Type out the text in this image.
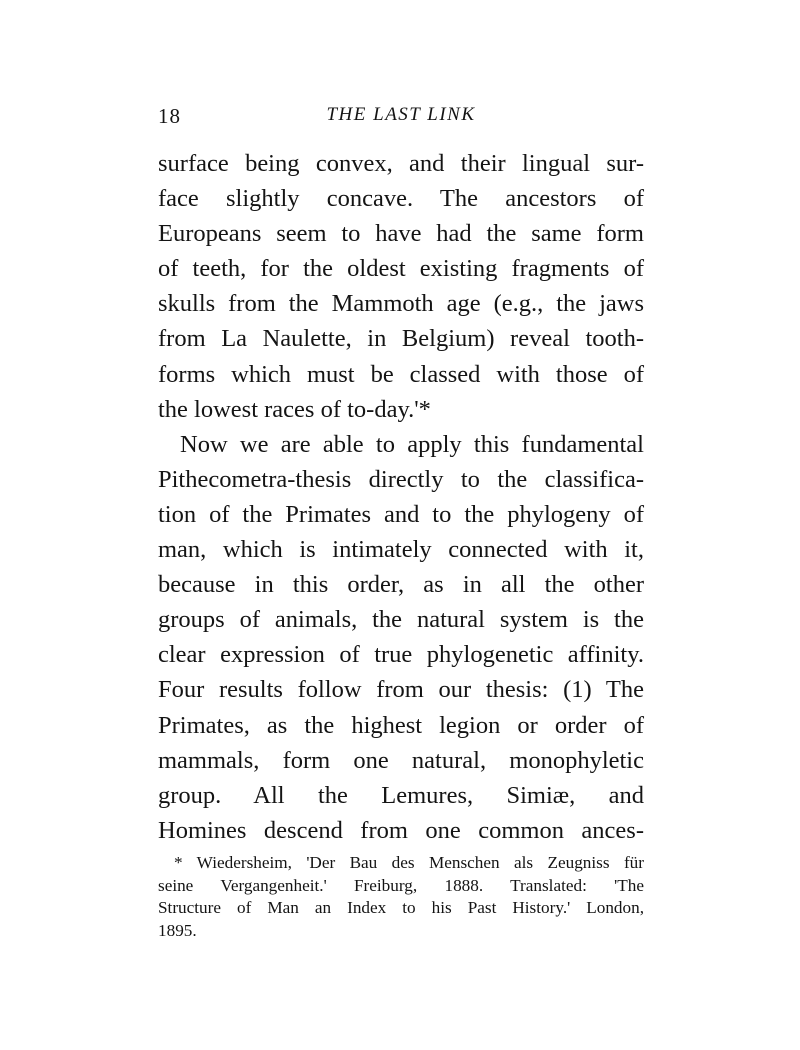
18	THE LAST LINK
surface being convex, and their lingual sur-
face slightly concave. The ancestors of
Europeans seem to have had the same form
of teeth, for the oldest existing fragments of
skulls from the Mammoth age (e.g., the jaws
from La Naulette, in Belgium) reveal tooth-
forms which must be classed with those of
the lowest races of to-day.'*
Now we are able to apply this fundamental
Pithecometra-thesis directly to the classifica-
tion of the Primates and to the phylogeny of
man, which is intimately connected with it,
because in this order, as in all the other
groups of animals, the natural system is the
clear expression of true phylogenetic affinity.
Four results follow from our thesis: (1) The
Primates, as the highest legion or order of
mammals, form one natural, monophyletic
group. All the Lemures, Simiæ, and
Homines descend from one common ances-
* Wiedersheim, 'Der Bau des Menschen als Zeugniss für
seine Vergangenheit.' Freiburg, 1888. Translated: 'The
Structure of Man an Index to his Past History.' London,
1895.
